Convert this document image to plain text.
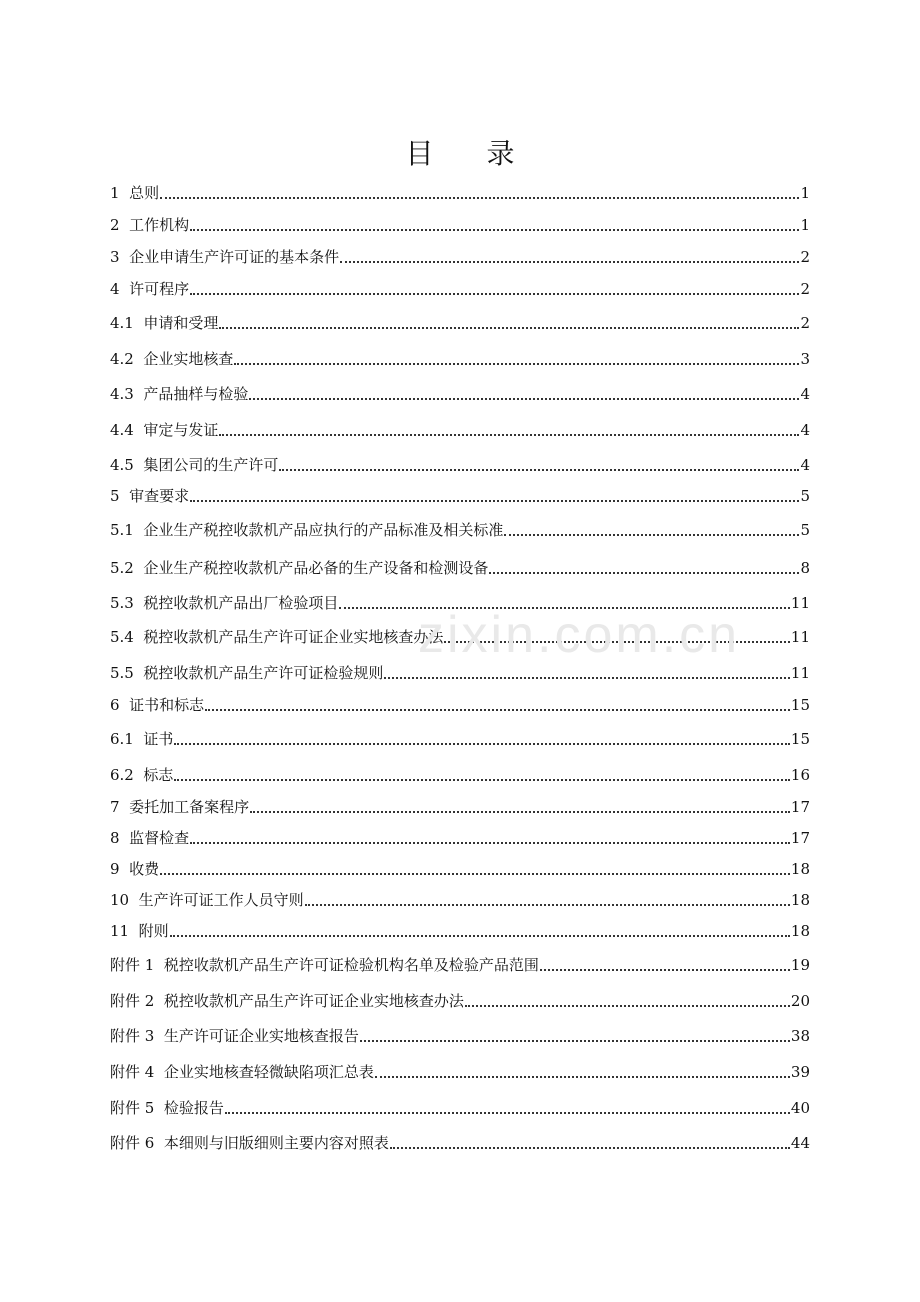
目 录
1  总则	1
2  工作机构	1
3  企业申请生产许可证的基本条件	2
4  许可程序	2
4.1  申请和受理	2
4.2  企业实地核查	3
4.3  产品抽样与检验	4
4.4  审定与发证	4
4.5  集团公司的生产许可	4
5  审查要求	5
5.1  企业生产税控收款机产品应执行的产品标准及相关标准	5
5.2  企业生产税控收款机产品必备的生产设备和检测设备	8
5.3  税控收款机产品出厂检验项目	11
5.4  税控收款机产品生产许可证企业实地核查办法	11
5.5  税控收款机产品生产许可证检验规则	11
6  证书和标志	15
6.1  证书	15
6.2  标志	16
7  委托加工备案程序	17
8  监督检查	17
9  收费	18
10  生产许可证工作人员守则	18
11  附则	18
附件 1  税控收款机产品生产许可证检验机构名单及检验产品范围	19
附件 2  税控收款机产品生产许可证企业实地核查办法	20
附件 3  生产许可证企业实地核查报告	38
附件 4  企业实地核查轻微缺陷项汇总表	39
附件 5  检验报告	40
附件 6  本细则与旧版细则主要内容对照表	44
zixin.com.cn
